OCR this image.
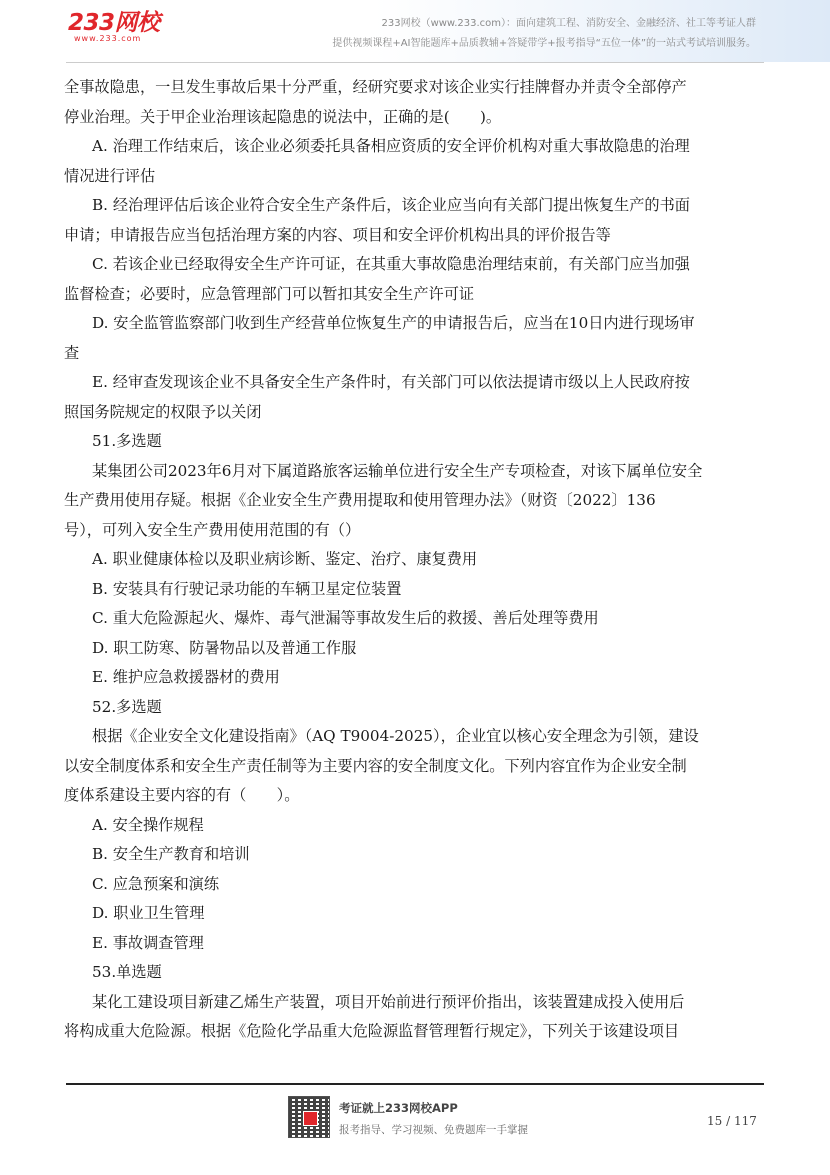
233网校
www.233.com
233网校（www.233.com）：面向建筑工程、消防安全、金融经济、社工等考证人群
提供视频课程+AI智能题库+品质教辅+答疑带学+报考指导“五位一体”的一站式考试培训服务。
全事故隐患，一旦发生事故后果十分严重，经研究要求对该企业实行挂牌督办并责令全部停产
停业治理。关于甲企业治理该起隐患的说法中，正确的是(　　)。
A. 治理工作结束后，该企业必须委托具备相应资质的安全评价机构对重大事故隐患的治理
情况进行评估
B. 经治理评估后该企业符合安全生产条件后，该企业应当向有关部门提出恢复生产的书面
申请；申请报告应当包括治理方案的内容、项目和安全评价机构出具的评价报告等
C. 若该企业已经取得安全生产许可证，在其重大事故隐患治理结束前，有关部门应当加强
监督检查；必要时，应急管理部门可以暂扣其安全生产许可证
D. 安全监管监察部门收到生产经营单位恢复生产的申请报告后，应当在10日内进行现场审
查
E. 经审查发现该企业不具备安全生产条件时，有关部门可以依法提请市级以上人民政府按
照国务院规定的权限予以关闭
51.多选题
某集团公司2023年6月对下属道路旅客运输单位进行安全生产专项检查，对该下属单位安全
生产费用使用存疑。根据《企业安全生产费用提取和使用管理办法》（财资〔2022〕136
号），可列入安全生产费用使用范围的有（）
A. 职业健康体检以及职业病诊断、鉴定、治疗、康复费用
B. 安装具有行驶记录功能的车辆卫星定位装置
C. 重大危险源起火、爆炸、毒气泄漏等事故发生后的救援、善后处理等费用
D. 职工防寒、防暑物品以及普通工作服
E. 维护应急救援器材的费用
52.多选题
根据《企业安全文化建设指南》（AQ T9004-2025），企业宜以核心安全理念为引领，建设
以安全制度体系和安全生产责任制等为主要内容的安全制度文化。下列内容宜作为企业安全制
度体系建设主要内容的有（　　）。
A. 安全操作规程
B. 安全生产教育和培训
C. 应急预案和演练
D. 职业卫生管理
E. 事故调查管理
53.单选题
某化工建设项目新建乙烯生产装置，项目开始前进行预评价指出，该装置建成投入使用后
将构成重大危险源。根据《危险化学品重大危险源监督管理暂行规定》，下列关于该建设项目
考证就上233网校APP
报考指导、学习视频、免费题库一手掌握
15 / 117
